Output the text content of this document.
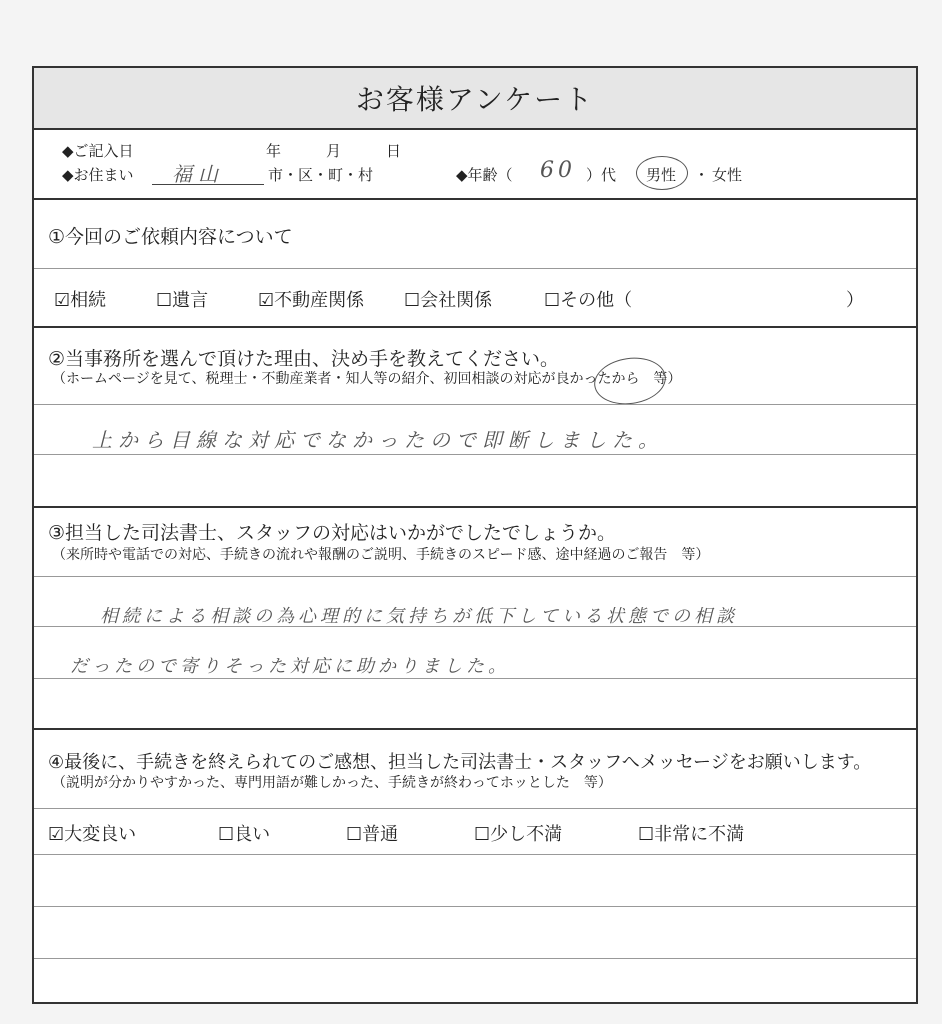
お客様アンケート
◆ご記入日	年	月	日
◆お住まい 福山	市・区・町・村	◆年齢（ 60 ）代 男性 ・ 女性
①今回のご依頼内容について
☑相続	☐遺言	☑不動産関係 ☐会社関係	☐その他（	）
②当事務所を選んで頂けた理由、決め手を教えてください。
（ホームページを見て、税理士・不動産業者・知人等の紹介、初回相談の対応が良かったから　等）
上から目線な対応でなかったので即断しました。
③担当した司法書士、スタッフの対応はいかがでしたでしょうか。
（来所時や電話での対応、手続きの流れや報酬のご説明、手続きのスピード感、途中経過のご報告　等）
相続による相談の為心理的に気持ちが低下している状態での相談
だったので寄りそった対応に助かりました。
④最後に、手続きを終えられてのご感想、担当した司法書士・スタッフへメッセージをお願いします。
（説明が分かりやすかった、専門用語が難しかった、手続きが終わってホッとした　等）
☑大変良い	☐良い	☐普通	☐少し不満	☐非常に不満
